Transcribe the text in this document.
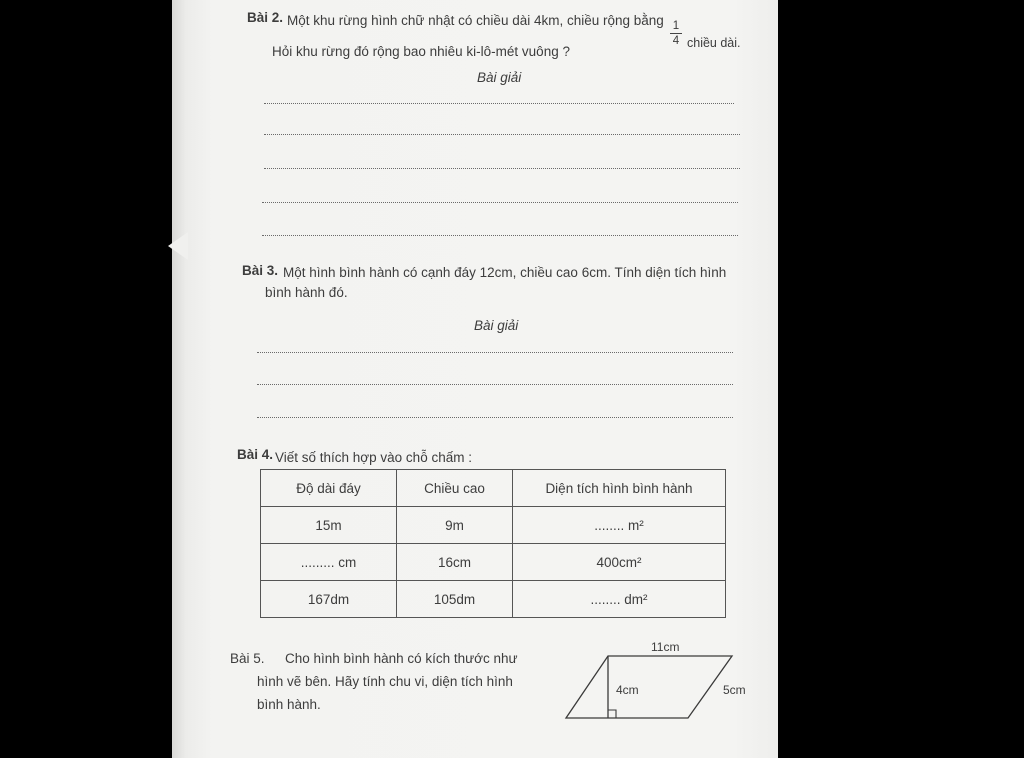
Bài 2. Một khu rừng hình chữ nhật có chiều dài 4km, chiều rộng bằng 1
4 chiều dài.
Hỏi khu rừng đó rộng bao nhiêu ki-lô-mét vuông ?
Bài giải
Bài 3. Một hình bình hành có cạnh đáy 12cm, chiều cao 6cm. Tính diện tích hình
bình hành đó.
Bài giải
Bài 4. Viết số thích hợp vào chỗ chấm :
Độ dài đáy	Chiều cao	Diện tích hình bình hành
15m	9m	........ m²
......... cm	16cm	400cm²
167dm	105dm	........ dm²
Bài 5. Cho hình bình hành có kích thước như
hình vẽ bên. Hãy tính chu vi, diện tích hình
bình hành.
11cm
4cm	5cm
